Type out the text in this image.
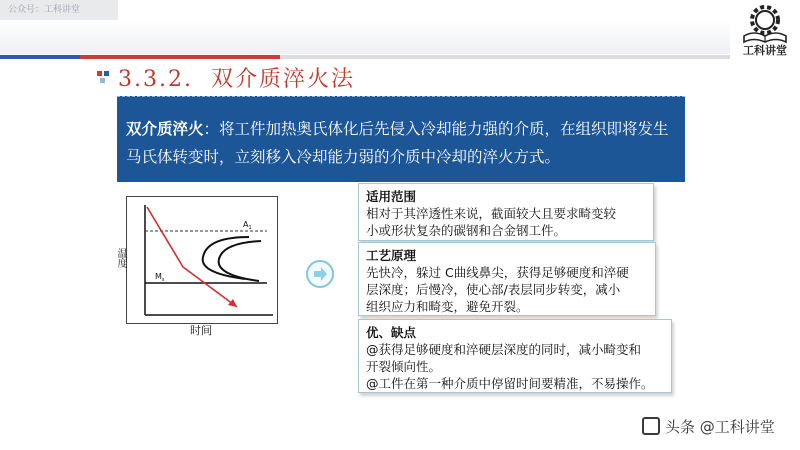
公众号：工科讲堂
工科讲堂
3.3.2. 双介质淬火法
双介质淬火：将工件加热奥氏体化后先侵入冷却能力强的介质，在组织即将发生马氏体转变时，立刻移入冷却能力弱的介质中冷却的淬火方式。
$A_1$
$M_s$
温度
时间
适用范围
相对于其淬透性来说，截面较大且要求畸变较
小或形状复杂的碳钢和合金钢工件。
工艺原理
先快冷，躲过 C曲线鼻尖，获得足够硬度和淬硬
层深度；后慢冷，使心部/表层同步转变，减小
组织应力和畸变，避免开裂。
优、缺点
@获得足够硬度和淬硬层深度的同时，减小畸变和
开裂倾向性。
@工件在第一种介质中停留时间要精准，不易操作。
头条 @工科讲堂
